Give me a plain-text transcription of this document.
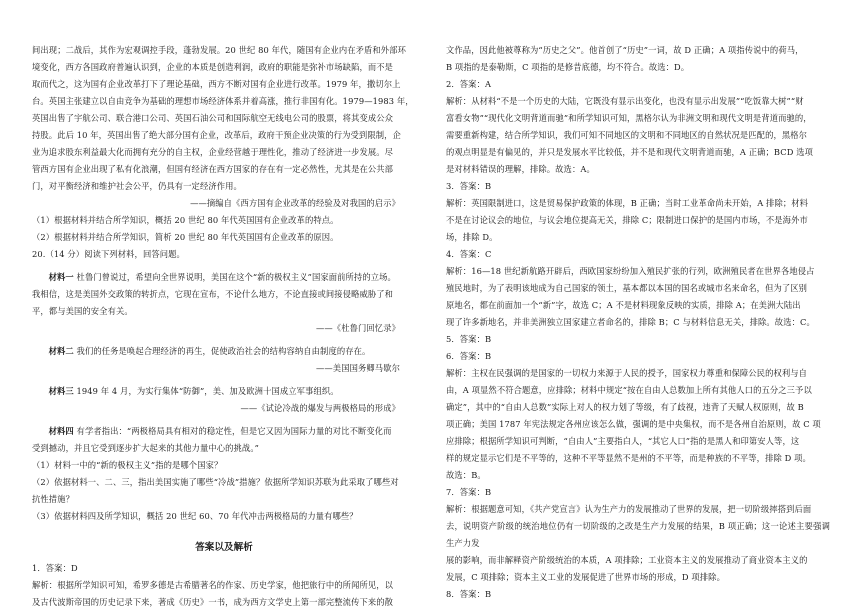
间出现；二战后，其作为宏观调控手段，蓬勃发展。20 世纪 80 年代，随国有企业内在矛盾和外部环

境变化，西方各国政府普遍认识到，企业的本质是创造利润，政府的职能是弥补市场缺陷，而不是

取而代之，这为国有企业改革打下了理论基础，西方不断对国有企业进行改革。1979 年，撒切尔上

台。英国主张建立以自由竞争为基础的理想市场经济体系并着高涨，推行非国有化。1979—1983 年，

英国出售了宇航公司、联合港口公司、英国石油公司和国际航空无线电公司的股票，将其变成公众

持股。此后 10 年，英国出售了绝大部分国有企业，改革后，政府干预企业决策的行为受到限制，企

业为追求股东利益最大化而拥有充分的自主权，企业经营越于理性化，推动了经济进一步发展。尽

管西方国有企业出现了私有化浪潮，但国有经济在西方国家的存在有一定必然性，尤其是在公共部

门，对平衡经济和维护社会公平，仍具有一定经济作用。

——摘编自《西方国有企业改革的经验及对我国的启示》

（1）根据材料并结合所学知识，概括 20 世纪 80 年代英国国有企业改革的特点。

（2）根据材料并结合所学知识，简析 20 世纪 80 年代英国国有企业改革的原因。

20.（14 分）阅读下列材料，回答问题。

材料一 杜鲁门曾说过，希望向全世界说明，美国在这个“新的极权主义”国家面前所持的立场。

我相信，这是美国外交政策的转折点，它现在宣布，不论什么地方，不论直接或间接侵略威胁了和

平，都与美国的安全有关。

——《杜鲁门回忆录》

材料二 我们的任务是唤起合理经济的再生，促使政治社会的结构容纳自由制度的存在。

——美国国务卿马歇尔

材料三 1949 年 4 月，为实行集体“防御”，美、加及欧洲十国成立军事组织。

——《试论冷战的爆发与两极格局的形成》

材料四 有学者指出：“两极格局具有相对的稳定性，但是它又因为国际力量的对比不断变化而

受到撼动，并且它受到逐步扩大起来的其他力量中心的挑战。”

（1）材料一中的“新的极权主义”指的是哪个国家？

（2）依据材料一、二、三，指出美国实施了哪些“冷战”措施？依据所学知识苏联为此采取了哪些对

抗性措施？

（3）依据材料四及所学知识，概括 20 世纪 60、70 年代冲击两极格局的力量有哪些？

答案以及解析

1．答案：D

解析：根据所学知识可知，希罗多德是古希腊著名的作家、历史学家，他把旅行中的所闻所见，以

及古代波斯帝国的历史记录下来，著成《历史》一书，成为西方文学史上第一部完整流传下来的散

文作品，因此他被尊称为“历史之父”。他首创了“历史”一词，故 D 正确；A 项指传说中的荷马，

B 项指的是泰勒斯，C 项指的是修昔底德，均不符合。故选：D。

2．答案：A

解析：从材料“不是一个历史的大陆，它既没有显示出变化，也没有显示出发展”“吃饭靠大树”“财

富看女物”“现代化文明背道而驰”和所学知识可知，黑格尔认为非洲文明和现代文明是背道而驰的，

需要重新构建，结合所学知识，我们可知不同地区的文明和不同地区的自然状况是匹配的，黑格尔

的观点明显是有偏见的，并只是发展水平比较低，并不是和现代文明背道而驰，A 正确；BCD 选项

是对材料错误的理解，排除。故选：A。

3．答案：B

解析：英国限制进口，这是贸易保护政策的体现，B 正确；当时工业革命尚未开始，A 排除；材料

不是在讨论议会的地位，与议会地位提高无关，排除 C；限制进口保护的是国内市场，不是海外市

场，排除 D。

4．答案：C

解析：16—18 世纪新航路开辟后，西欧国家纷纷加入殖民扩张的行列，欧洲殖民者在世界各地侵占

殖民地时，为了表明该地成为自己国家的领土，基本都以本国的国名或城市名来命名，但为了区别

原地名，都在前面加一个“新”字，故选 C；A 不是材料现象反映的实质，排除 A；在美洲大陆出

现了许多新地名，并非美洲独立国家建立者命名的，排除 B；C 与材料信息无关，排除。故选：C。

5．答案：B

6．答案：B

解析：主权在民强调的是国家的一切权力来源于人民的授予，国家权力尊重和保障公民的权利与自

由，A 项显然不符合题意，应排除；材料中规定“按在自由人总数加上所有其他人口的五分之三予以

确定”，其中的“自由人总数”实际上对人的权力划了等级，有了歧视，违背了天赋人权原则，故 B

项正确；美国 1787 年宪法规定各州应该怎么做，强调的是中央集权，而不是各州自治原则，故 C 项

应排除；根据所学知识可判断，“自由人”主要指白人，“其它人口”指的是黑人和印第安人等，这

样的规定显示它们是不平等的，这种不平等显然不是州的不平等，而是种族的不平等，排除 D 项。

故选：B。

7．答案：B

解析：根据题意可知，《共产党宣言》认为生产力的发展推动了世界的发展，把一切阶级摔搭到后面

去，说明资产阶级的统治地位仍有一切阶级的之改是生产力发展的结果，B 项正确；这一论述主要强调生产力发

展的影响，而非解释资产阶级统治的本质，A 项排除；工业资本主义的发展推动了商业资本主义的

发展，C 项排除；资本主义工业的发展促进了世界市场的形成，D 项排除。

8．答案：B
